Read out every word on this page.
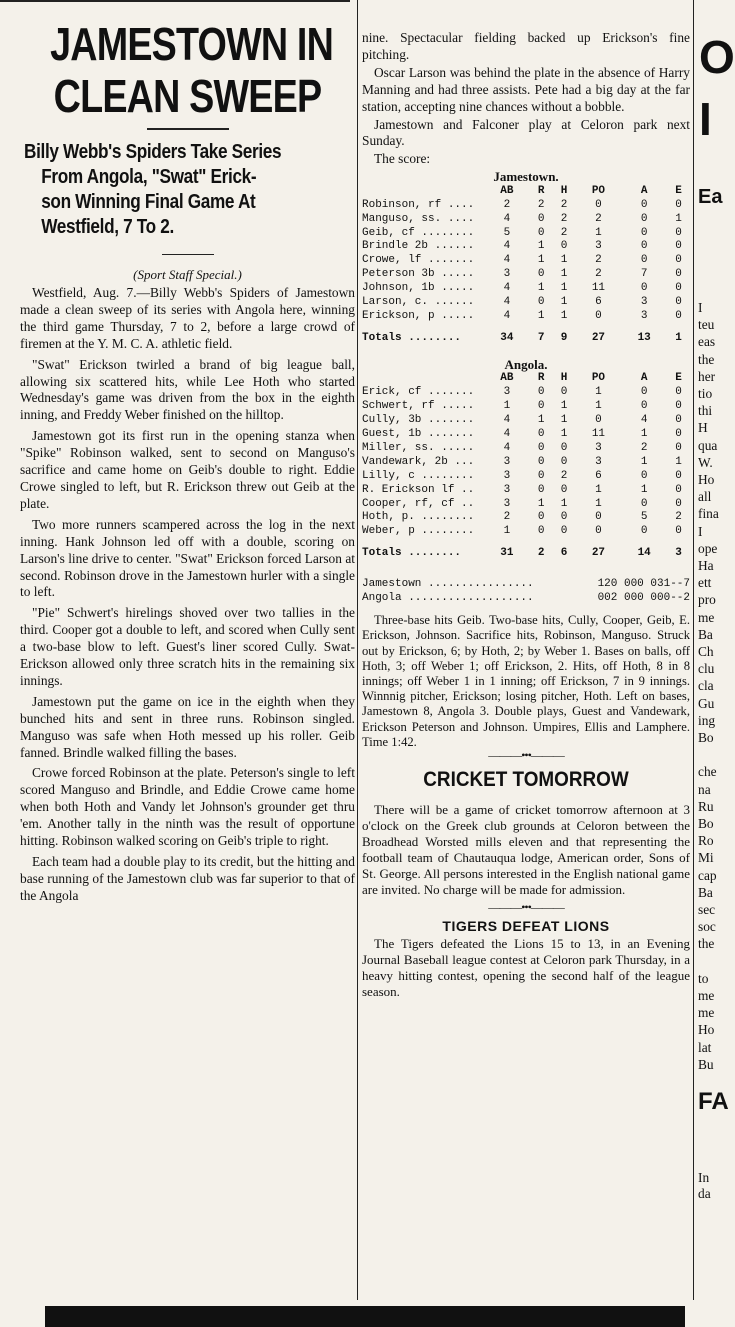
JAMESTOWN IN
CLEAN SWEEP
Billy Webb's Spiders Take Series
From Angola, "Swat" Erick-
son Winning Final Game At
Westfield, 7 To 2.
(Sport Staff Special.)

Westfield, Aug. 7.—Billy Webb's Spiders of Jamestown made a clean sweep of its series with Angola here, winning the third game Thursday, 7 to 2, before a large crowd of firemen at the Y. M. C. A. athletic field.

"Swat" Erickson twirled a brand of big league ball, allowing six scattered hits, while Lee Hoth who started Wednesday's game was driven from the box in the eighth inning, and Freddy Weber finished on the hilltop.

Jamestown got its first run in the opening stanza when "Spike" Robinson walked, sent to second on Manguso's sacrifice and came home on Geib's double to right. Eddie Crowe singled to left, but R. Erickson threw out Geib at the plate.

Two more runners scampered across the log in the next inning. Hank Johnson led off with a double, scoring on Larson's line drive to center. "Swat" Erickson forced Larson at second. Robinson drove in the Jamestown hurler with a single to left.

"Pie" Schwert's hirelings shoved over two tallies in the third. Cooper got a double to left, and scored when Cully sent a two-base blow to left. Guest's liner scored Cully. Swat-Erickson allowed only three scratch hits in the remaining six innings.

Jamestown put the game on ice in the eighth when they bunched hits and sent in three runs. Robinson singled. Manguso was safe when Hoth messed up his roller. Geib fanned. Brindle walked filling the bases.

Crowe forced Robinson at the plate. Peterson's single to left scored Manguso and Brindle, and Eddie Crowe came home when both Hoth and Vandy let Johnson's grounder get thru 'em. Another tally in the ninth was the result of opportune hitting. Robinson walked scoring on Geib's triple to right.

Each team had a double play to its credit, but the hitting and base running of the Jamestown club was far superior to that of the Angola

nine. Spectacular fielding backed up Erickson's fine pitching.

Oscar Larson was behind the plate in the absence of Harry Manning and had three assists. Pete had a big day at the far station, accepting nine chances without a bobble.

Jamestown and Falconer play at Celoron park next Sunday.

The score:

Jamestown.
	AB	R	H	PO	A	E
Robinson, rf ....	2	2	2	0	0	0
Manguso, ss. ....	4	0	2	2	0	1
Geib, cf ........	5	0	2	1	0	0
Brindle 2b ......	4	1	0	3	0	0
Crowe, lf .......	4	1	1	2	0	0
Peterson 3b .....	3	0	1	2	7	0
Johnson, 1b .....	4	1	1	11	0	0
Larson, c. ......	4	0	1	6	3	0
Erickson, p .....	4	1	1	0	3	0
Totals ........	34	7	9	27	13	1
Angola.
	AB	R	H	PO	A	E
Erick, cf .......	3	0	0	1	0	0
Schwert, rf .....	1	0	1	1	0	0
Cully, 3b .......	4	1	1	0	4	0
Guest, 1b .......	4	0	1	11	1	0
Miller, ss. .....	4	0	0	3	2	0
Vandewark, 2b ...	3	0	0	3	1	1
Lilly, c ........	3	0	2	6	0	0
R. Erickson lf ..	3	0	0	1	1	0
Cooper, rf, cf ..	3	1	1	1	0	0
Hoth, p. ........	2	0	0	0	5	2
Weber, p ........	1	0	0	0	0	0
Totals ........	31	2	6	27	14	3
Jamestown ................	120 000 031--7
Angola ...................	002 000 000--2

Three-base hits Geib. Two-base hits, Cully, Cooper, Geib, E. Erickson, Johnson. Sacrifice hits, Robinson, Manguso. Struck out by Erickson, 6; by Hoth, 2; by Weber 1. Bases on balls, off Hoth, 3; off Weber 1; off Erickson, 2. Hits, off Hoth, 8 in 8 innings; off Weber 1 in 1 inning; off Erickson, 7 in 9 innings. Winnnig pitcher, Erickson; losing pitcher, Hoth. Left on bases, Jamestown 8, Angola 3. Double plays, Guest and Vandewark, Erickson Peterson and Johnson. Umpires, Ellis and Lamphere. Time 1:42.

―――•••―――
CRICKET TOMORROW

There will be a game of cricket tomorrow afternoon at 3 o'clock on the Greek club grounds at Celoron between the Broadhead Worsted mills eleven and that representing the football team of Chautauqua lodge, American order, Sons of St. George. All persons interested in the English national game are invited. No charge will be made for admission.

―――•••―――
TIGERS DEFEAT LIONS

The Tigers defeated the Lions 15 to 13, in an Evening Journal Baseball league contest at Celoron park Thursday, in a heavy hitting contest, opening the second half of the league season.

O
I
Ea
I
teu
eas
the
her
tio
thi
H
qua
W.
Ho
all
fina
I
ope
Ha
ett
pro
me
Ba
Ch
clu
cla
Gu
ing
Bo
che
na
Ru
Bo
Ro
Mi
cap
Ba
sec
soc
the
to
me
me
Ho
lat
Bu
FA
In
da
